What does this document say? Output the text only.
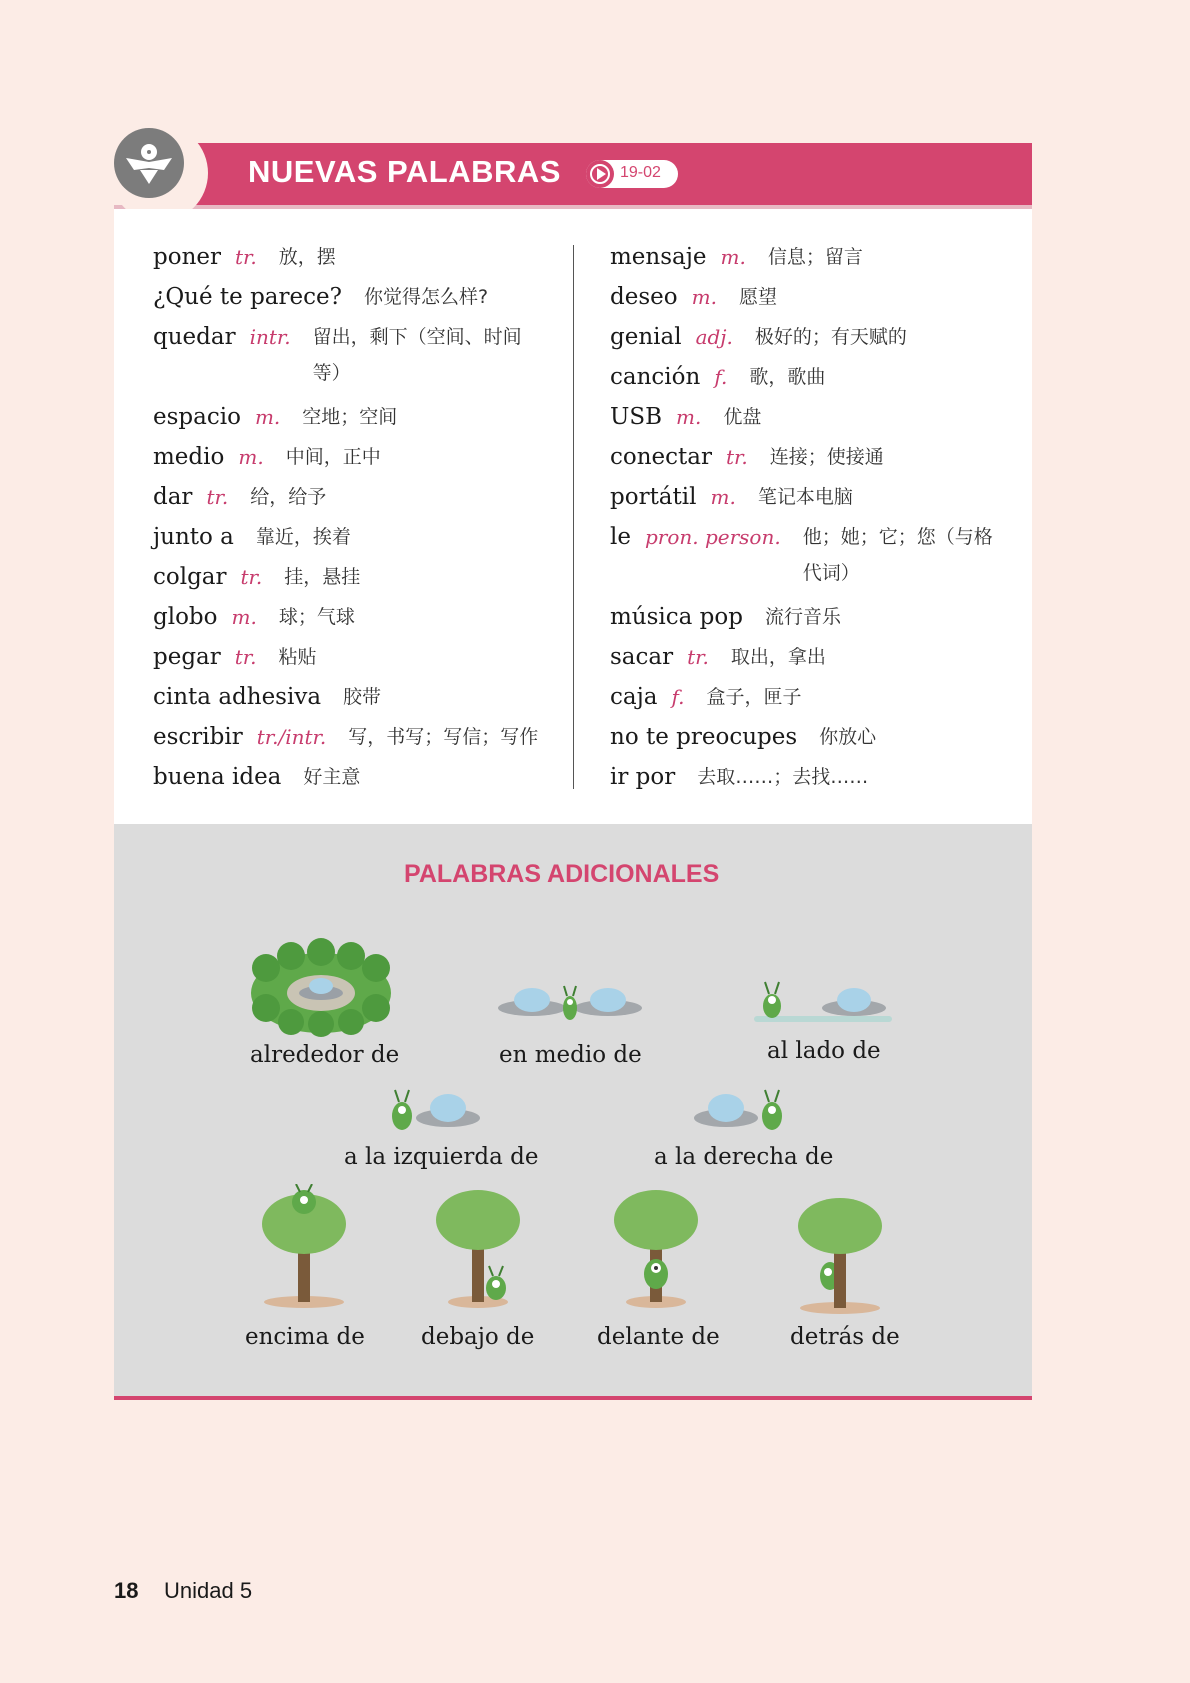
NUEVAS PALABRAS	19-02
poner tr. 放，摆
¿Qué te parece? 你觉得怎么样?
quedar intr. 留出，剩下（空间、时间等）
espacio m. 空地；空间
medio m. 中间，正中
dar tr. 给，给予
junto a 靠近，挨着
colgar tr. 挂，悬挂
globo m. 球；气球
pegar tr. 粘贴
cinta adhesiva 胶带
escribir tr./intr. 写，书写；写信；写作
buena idea 好主意
mensaje m. 信息；留言
deseo m. 愿望
genial adj. 极好的；有天赋的
canción f. 歌，歌曲
USB m. 优盘
conectar tr. 连接；使接通
portátil m. 笔记本电脑
le pron. person. 他；她；它；您（与格代词）
música pop 流行音乐
sacar tr. 取出，拿出
caja f. 盒子，匣子
no te preocupes 你放心
ir por 去取……；去找……
PALABRAS ADICIONALES
alrededor de	en medio de	al lado de
a la izquierda de	a la derecha de
encima de debajo de	delante de	detrás de
18 Unidad 5
